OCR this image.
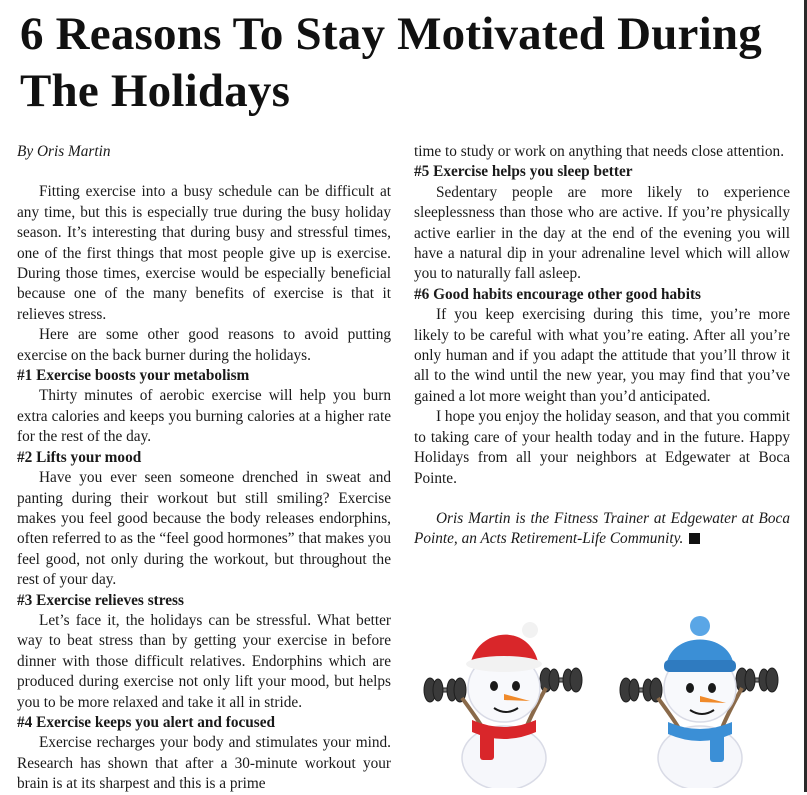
6 Reasons To Stay Motivated During The Holidays

By Oris Martin

Fitting exercise into a busy schedule can be difficult at any time, but this is especially true during the busy holiday season. It’s interesting that during busy and stressful times, one of the first things that most people give up is exercise. During those times, exercise would be especially beneficial because one of the many benefits of exercise is that it relieves stress.

Here are some other good reasons to avoid putting exercise on the back burner during the holidays.

#1 Exercise boosts your metabolism

Thirty minutes of aerobic exercise will help you burn extra calories and keeps you burning calories at a higher rate for the rest of the day.

#2 Lifts your mood

Have you ever seen someone drenched in sweat and panting during their workout but still smiling? Exercise makes you feel good because the body releases endorphins, often referred to as the “feel good hormones” that makes you feel good, not only during the workout, but throughout the rest of your day.

#3 Exercise relieves stress

Let’s face it, the holidays can be stressful. What better way to beat stress than by getting your exercise in before dinner with those difficult relatives. Endorphins which are produced during exercise not only lift your mood, but helps you to be more relaxed and take it all in stride.

#4 Exercise keeps you alert and focused

Exercise recharges your body and stimulates your mind. Research has shown that after a 30-minute workout your brain is at its sharpest and this is a prime

time to study or work on anything that needs close attention.

#5 Exercise helps you sleep better

Sedentary people are more likely to experience sleeplessness than those who are active. If you’re physically active earlier in the day at the end of the evening you will have a natural dip in your adrenaline level which will allow you to naturally fall asleep.

#6 Good habits encourage other good habits

If you keep exercising during this time, you’re more likely to be careful with what you’re eating. After all you’re only human and if you adapt the attitude that you’ll throw it all to the wind until the new year, you may find that you’ve gained a lot more weight than you’d anticipated.

I hope you enjoy the holiday season, and that you commit to taking care of your health today and in the future. Happy Holidays from all your neighbors at Edgewater at Boca Pointe.

Oris Martin is the Fitness Trainer at Edgewater at Boca Pointe, an Acts Retirement-Life Community.
